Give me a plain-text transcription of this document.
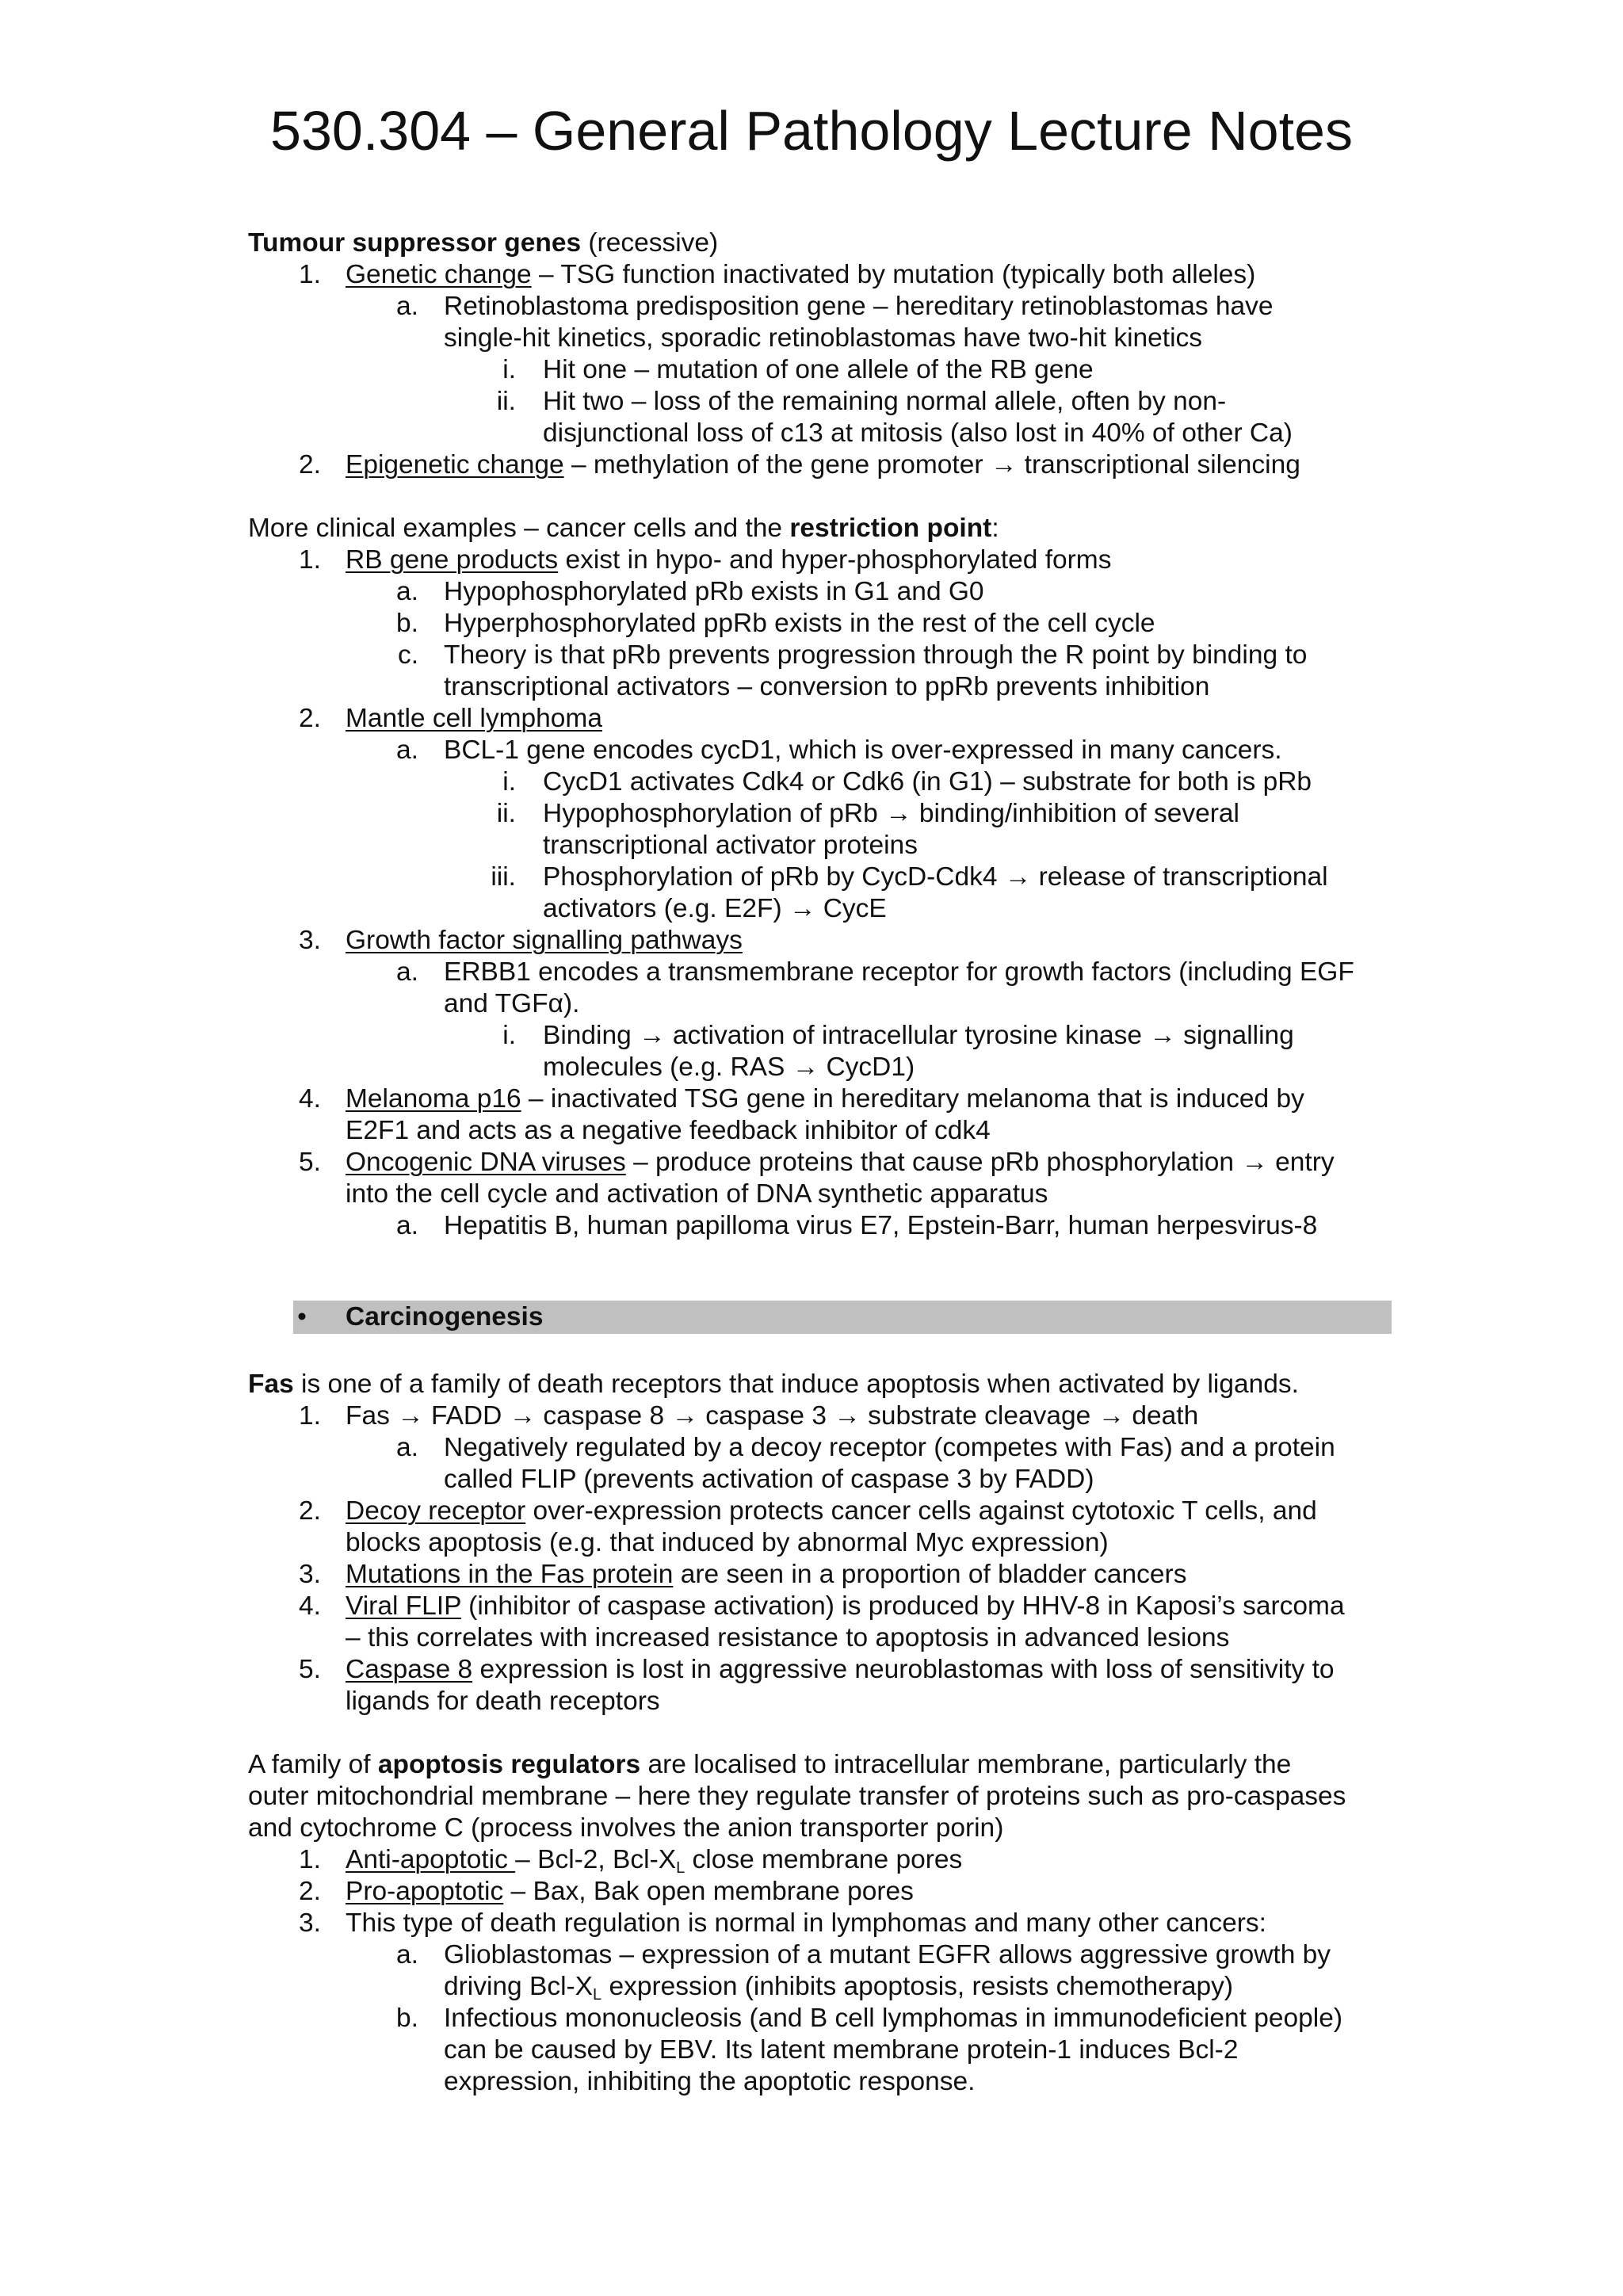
530.304 – General Pathology Lecture Notes
• Carcinogenesis
Tumour suppressor genes (recessive)
1. Genetic change – TSG function inactivated by mutation (typically both alleles)
a. Retinoblastoma predisposition gene – hereditary retinoblastomas have
single-hit kinetics, sporadic retinoblastomas have two-hit kinetics
i. Hit one – mutation of one allele of the RB gene
ii. Hit two – loss of the remaining normal allele, often by non-
disjunctional loss of c13 at mitosis (also lost in 40% of other Ca)
2. Epigenetic change – methylation of the gene promoter → transcriptional silencing
More clinical examples – cancer cells and the restriction point:
1. RB gene products exist in hypo- and hyper-phosphorylated forms
a. Hypophosphorylated pRb exists in G1 and G0
b. Hyperphosphorylated ppRb exists in the rest of the cell cycle
c. Theory is that pRb prevents progression through the R point by binding to
transcriptional activators – conversion to ppRb prevents inhibition
2. Mantle cell lymphoma
a. BCL-1 gene encodes cycD1, which is over-expressed in many cancers.
i. CycD1 activates Cdk4 or Cdk6 (in G1) – substrate for both is pRb
ii. Hypophosphorylation of pRb → binding/inhibition of several
transcriptional activator proteins
iii. Phosphorylation of pRb by CycD-Cdk4 → release of transcriptional
activators (e.g. E2F) → CycE
3. Growth factor signalling pathways
a. ERBB1 encodes a transmembrane receptor for growth factors (including EGF
and TGFα).
i. Binding → activation of intracellular tyrosine kinase → signalling
molecules (e.g. RAS → CycD1)
4. Melanoma p16 – inactivated TSG gene in hereditary melanoma that is induced by
E2F1 and acts as a negative feedback inhibitor of cdk4
5. Oncogenic DNA viruses – produce proteins that cause pRb phosphorylation → entry
into the cell cycle and activation of DNA synthetic apparatus
a. Hepatitis B, human papilloma virus E7, Epstein-Barr, human herpesvirus-8
Fas is one of a family of death receptors that induce apoptosis when activated by ligands.
1. Fas → FADD → caspase 8 → caspase 3 → substrate cleavage → death
a. Negatively regulated by a decoy receptor (competes with Fas) and a protein
called FLIP (prevents activation of caspase 3 by FADD)
2. Decoy receptor over-expression protects cancer cells against cytotoxic T cells, and
blocks apoptosis (e.g. that induced by abnormal Myc expression)
3. Mutations in the Fas protein are seen in a proportion of bladder cancers
4. Viral FLIP (inhibitor of caspase activation) is produced by HHV-8 in Kaposi’s sarcoma
– this correlates with increased resistance to apoptosis in advanced lesions
5. Caspase 8 expression is lost in aggressive neuroblastomas with loss of sensitivity to
ligands for death receptors
A family of apoptosis regulators are localised to intracellular membrane, particularly the
outer mitochondrial membrane – here they regulate transfer of proteins such as pro-caspases
and cytochrome C (process involves the anion transporter porin)
1. Anti-apoptotic – Bcl-2, Bcl-$X_L$ close membrane pores
2. Pro-apoptotic – Bax, Bak open membrane pores
3. This type of death regulation is normal in lymphomas and many other cancers:
a. Glioblastomas – expression of a mutant EGFR allows aggressive growth by
driving Bcl-$X_L$ expression (inhibits apoptosis, resists chemotherapy)
b. Infectious mononucleosis (and B cell lymphomas in immunodeficient people)
can be caused by EBV. Its latent membrane protein-1 induces Bcl-2
expression, inhibiting the apoptotic response.
